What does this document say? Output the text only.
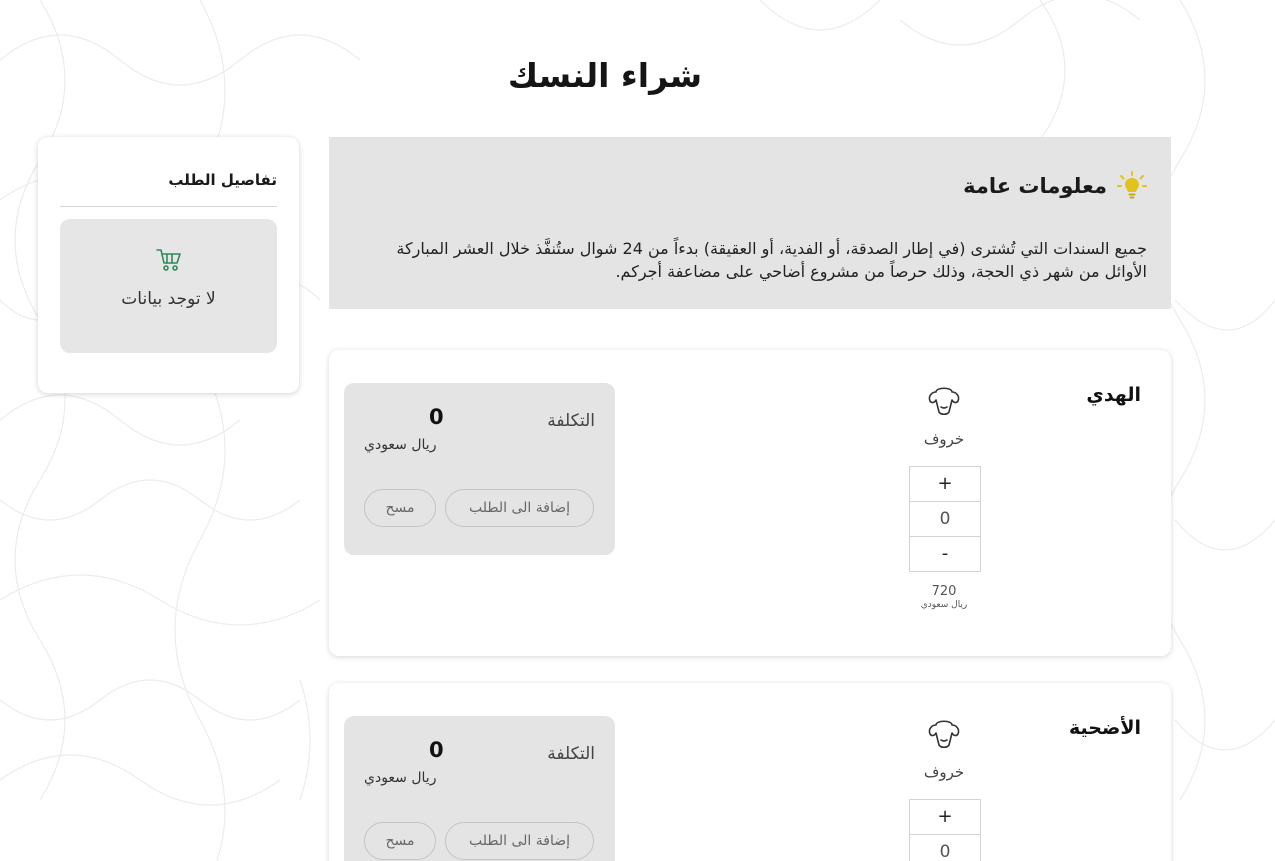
شراء النسك
تفاصيل الطلب
لا توجد بيانات
معلومات عامة
جميع السندات التي تُشترى (في إطار الصدقة، أو الفدية، أو العقيقة) بدءاً من 24 شوال ستُنفَّذ خلال العشر المباركة الأوائل من شهر ذي الحجة، وذلك حرصاً من مشروع أضاحي على مضاعفة أجركم.
الهدي
خروف
+
0
-
720
ريال سعودي
التكلفة
0
ريال سعودي
إضافة الى الطلب
مسح
الأضحية
خروف
+
0
التكلفة
0
ريال سعودي
إضافة الى الطلب
مسح
